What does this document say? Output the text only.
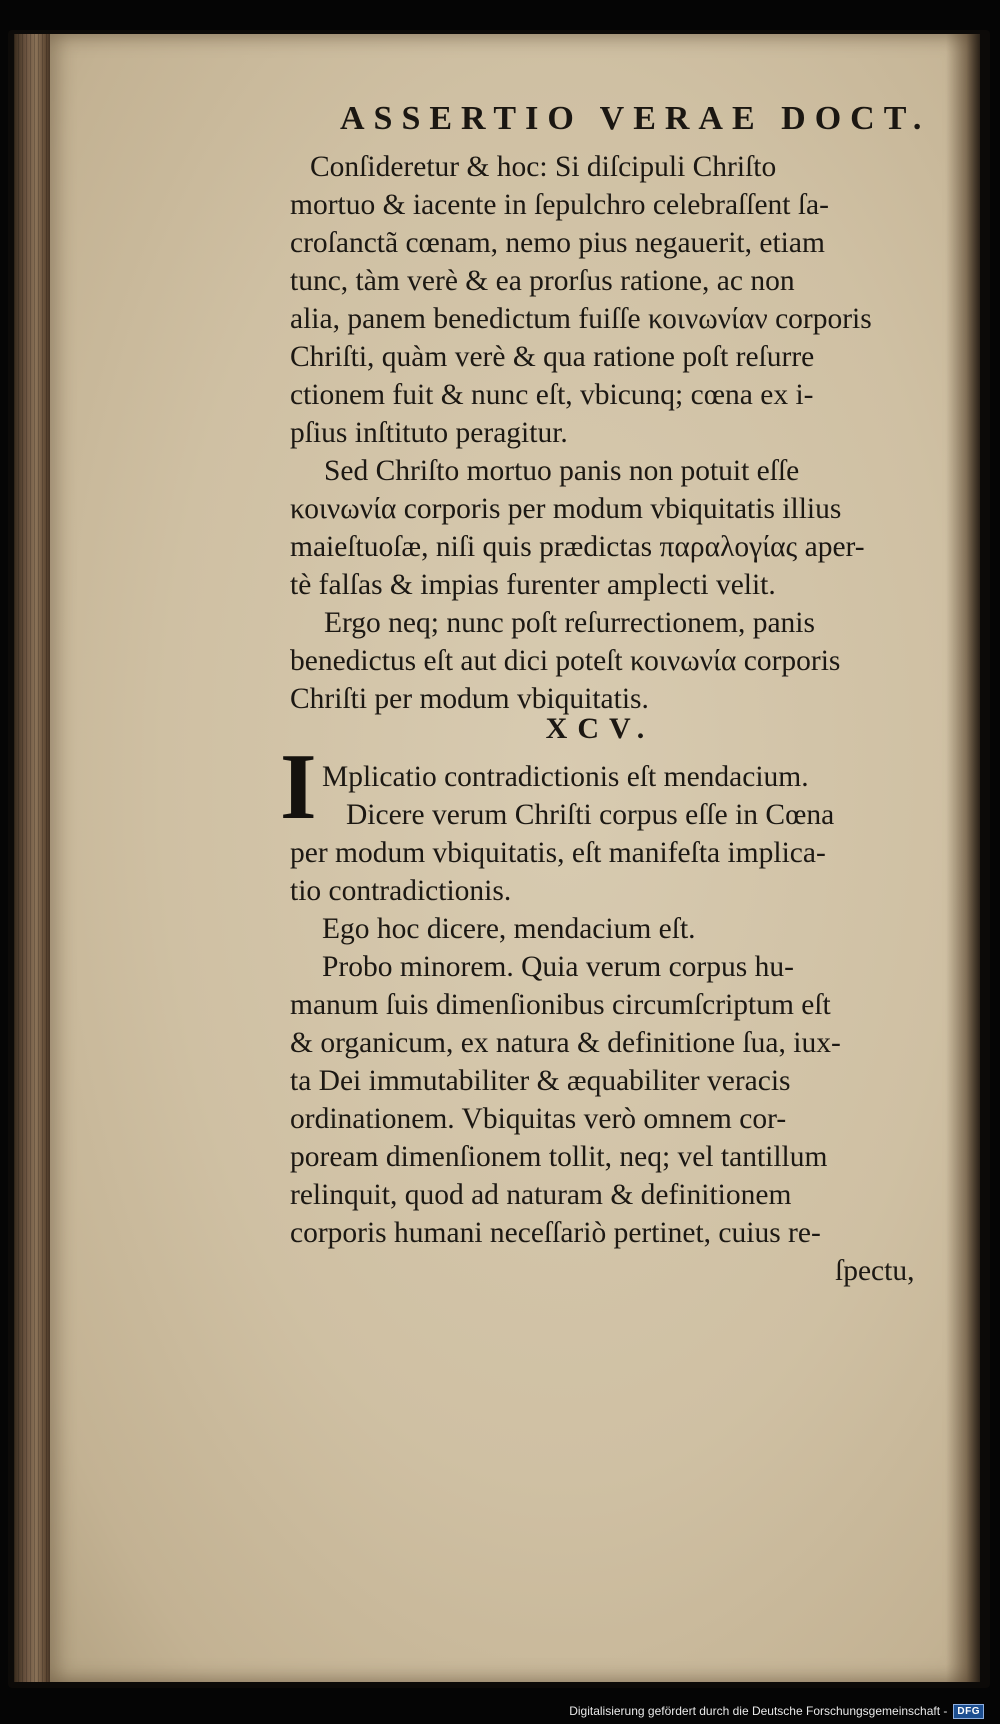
ASSERTIO VERAE DOCT.
Conſideretur & hoc: Si diſcipuli Chriſto
mortuo & iacente in ſepulchro celebraſſent ſa-
croſanctã cœnam, nemo pius negauerit, etiam
tunc, tàm verè & ea prorſus ratione, ac non
alia, panem benedictum fuiſſe κοινωνίαν corporis
Chriſti, quàm verè & qua ratione poſt reſurre
ctionem fuit & nunc eſt, vbicunq; cœna ex i-
pſius inſtituto peragitur.
Sed Chriſto mortuo panis non potuit eſſe
κοινωνία corporis per modum vbiquitatis illius
maieſtuoſæ, niſi quis prædictas παραλογίας aper-
tè falſas & impias furenter amplecti velit.
Ergo neq; nunc poſt reſurrectionem, panis
benedictus eſt aut dici poteſt κοινωνία corporis
Chriſti per modum vbiquitatis.
Mplicatio contradictionis eſt mendacium.
Dicere verum Chriſti corpus eſſe in Cœna
per modum vbiquitatis, eſt manifeſta implica-
tio contradictionis.
Ego hoc dicere, mendacium eſt.
Probo minorem. Quia verum corpus hu-
manum ſuis dimenſionibus circumſcriptum eſt
& organicum, ex natura & definitione ſua, iux-
ta Dei immutabiliter & æquabiliter veracis
ordinationem. Vbiquitas verò omnem cor-
poream dimenſionem tollit, neq; vel tantillum
relinquit, quod ad naturam & definitionem
corporis humani neceſſariò pertinet, cuius re-
ſpectu,
XCV.
I
Digitalisierung gefördert durch die Deutsche Forschungsgemeinschaft -	DFG
